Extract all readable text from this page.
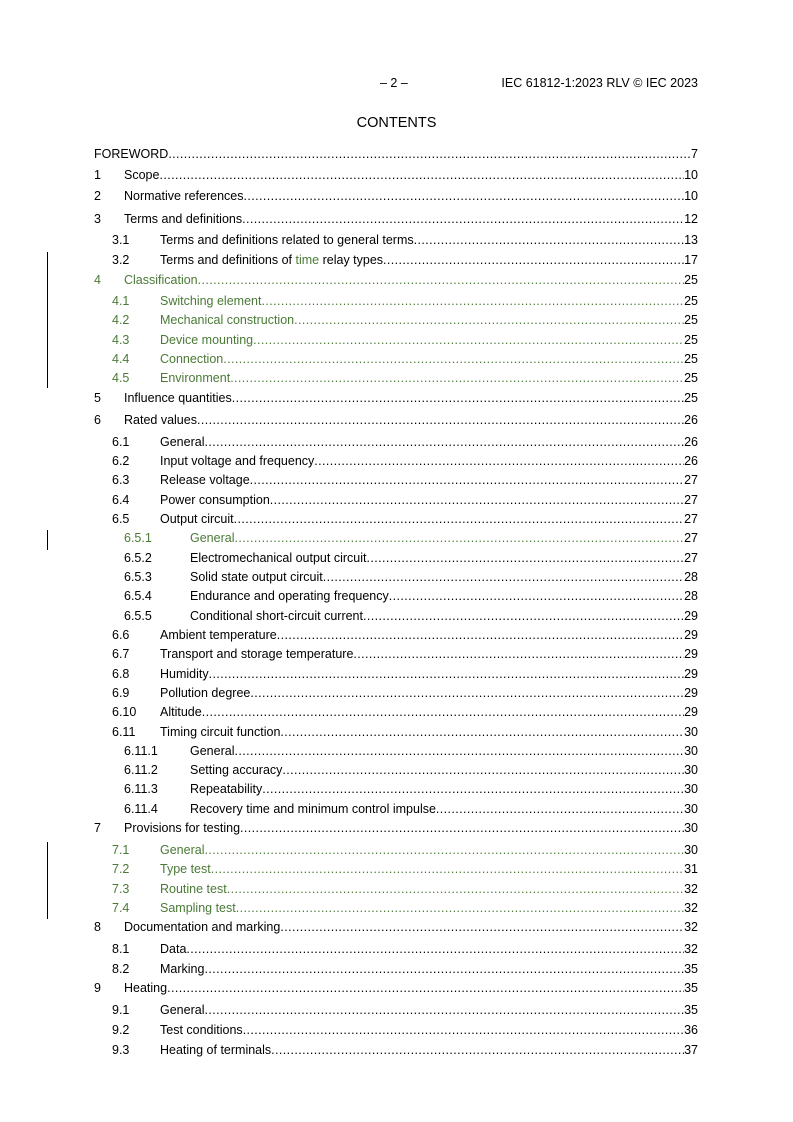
– 2 –	IEC 61812-1:2023 RLV © IEC 2023
CONTENTS
FOREWORD .....	7
1 Scope .....	10
2 Normative references .....	10
3 Terms and definitions .....	12
3.1 Terms and definitions related to general terms .....	13
3.2 Terms and definitions of time relay types .....	17
4 Classification .....	25
4.1 Switching element .....	25
4.2 Mechanical construction .....	25
4.3 Device mounting .....	25
4.4 Connection .....	25
4.5 Environment .....	25
5 Influence quantities .....	25
6 Rated values .....	26
6.1 General .....	26
6.2 Input voltage and frequency .....	26
6.3 Release voltage .....	27
6.4 Power consumption .....	27
6.5 Output circuit .....	27
6.5.1	General .....	27
6.5.2	Electromechanical output circuit .....	27
6.5.3	Solid state output circuit .....	28
6.5.4	Endurance and operating frequency .....	28
6.5.5	Conditional short-circuit current .....	29
6.6 Ambient temperature .....	29
6.7 Transport and storage temperature .....	29
6.8 Humidity .....	29
6.9 Pollution degree .....	29
6.10 Altitude .....	29
6.11 Timing circuit function .....	30
6.11.1	General .....	30
6.11.2	Setting accuracy .....	30
6.11.3	Repeatability .....	30
6.11.4	Recovery time and minimum control impulse .....	30
7 Provisions for testing .....	30
7.1 General .....	30
7.2 Type test .....	31
7.3 Routine test .....	32
7.4 Sampling test .....	32
8 Documentation and marking .....	32
8.1 Data .....	32
8.2 Marking .....	35
9 Heating .....	35
9.1 General .....	35
9.2 Test conditions .....	36
9.3 Heating of terminals .....	37
